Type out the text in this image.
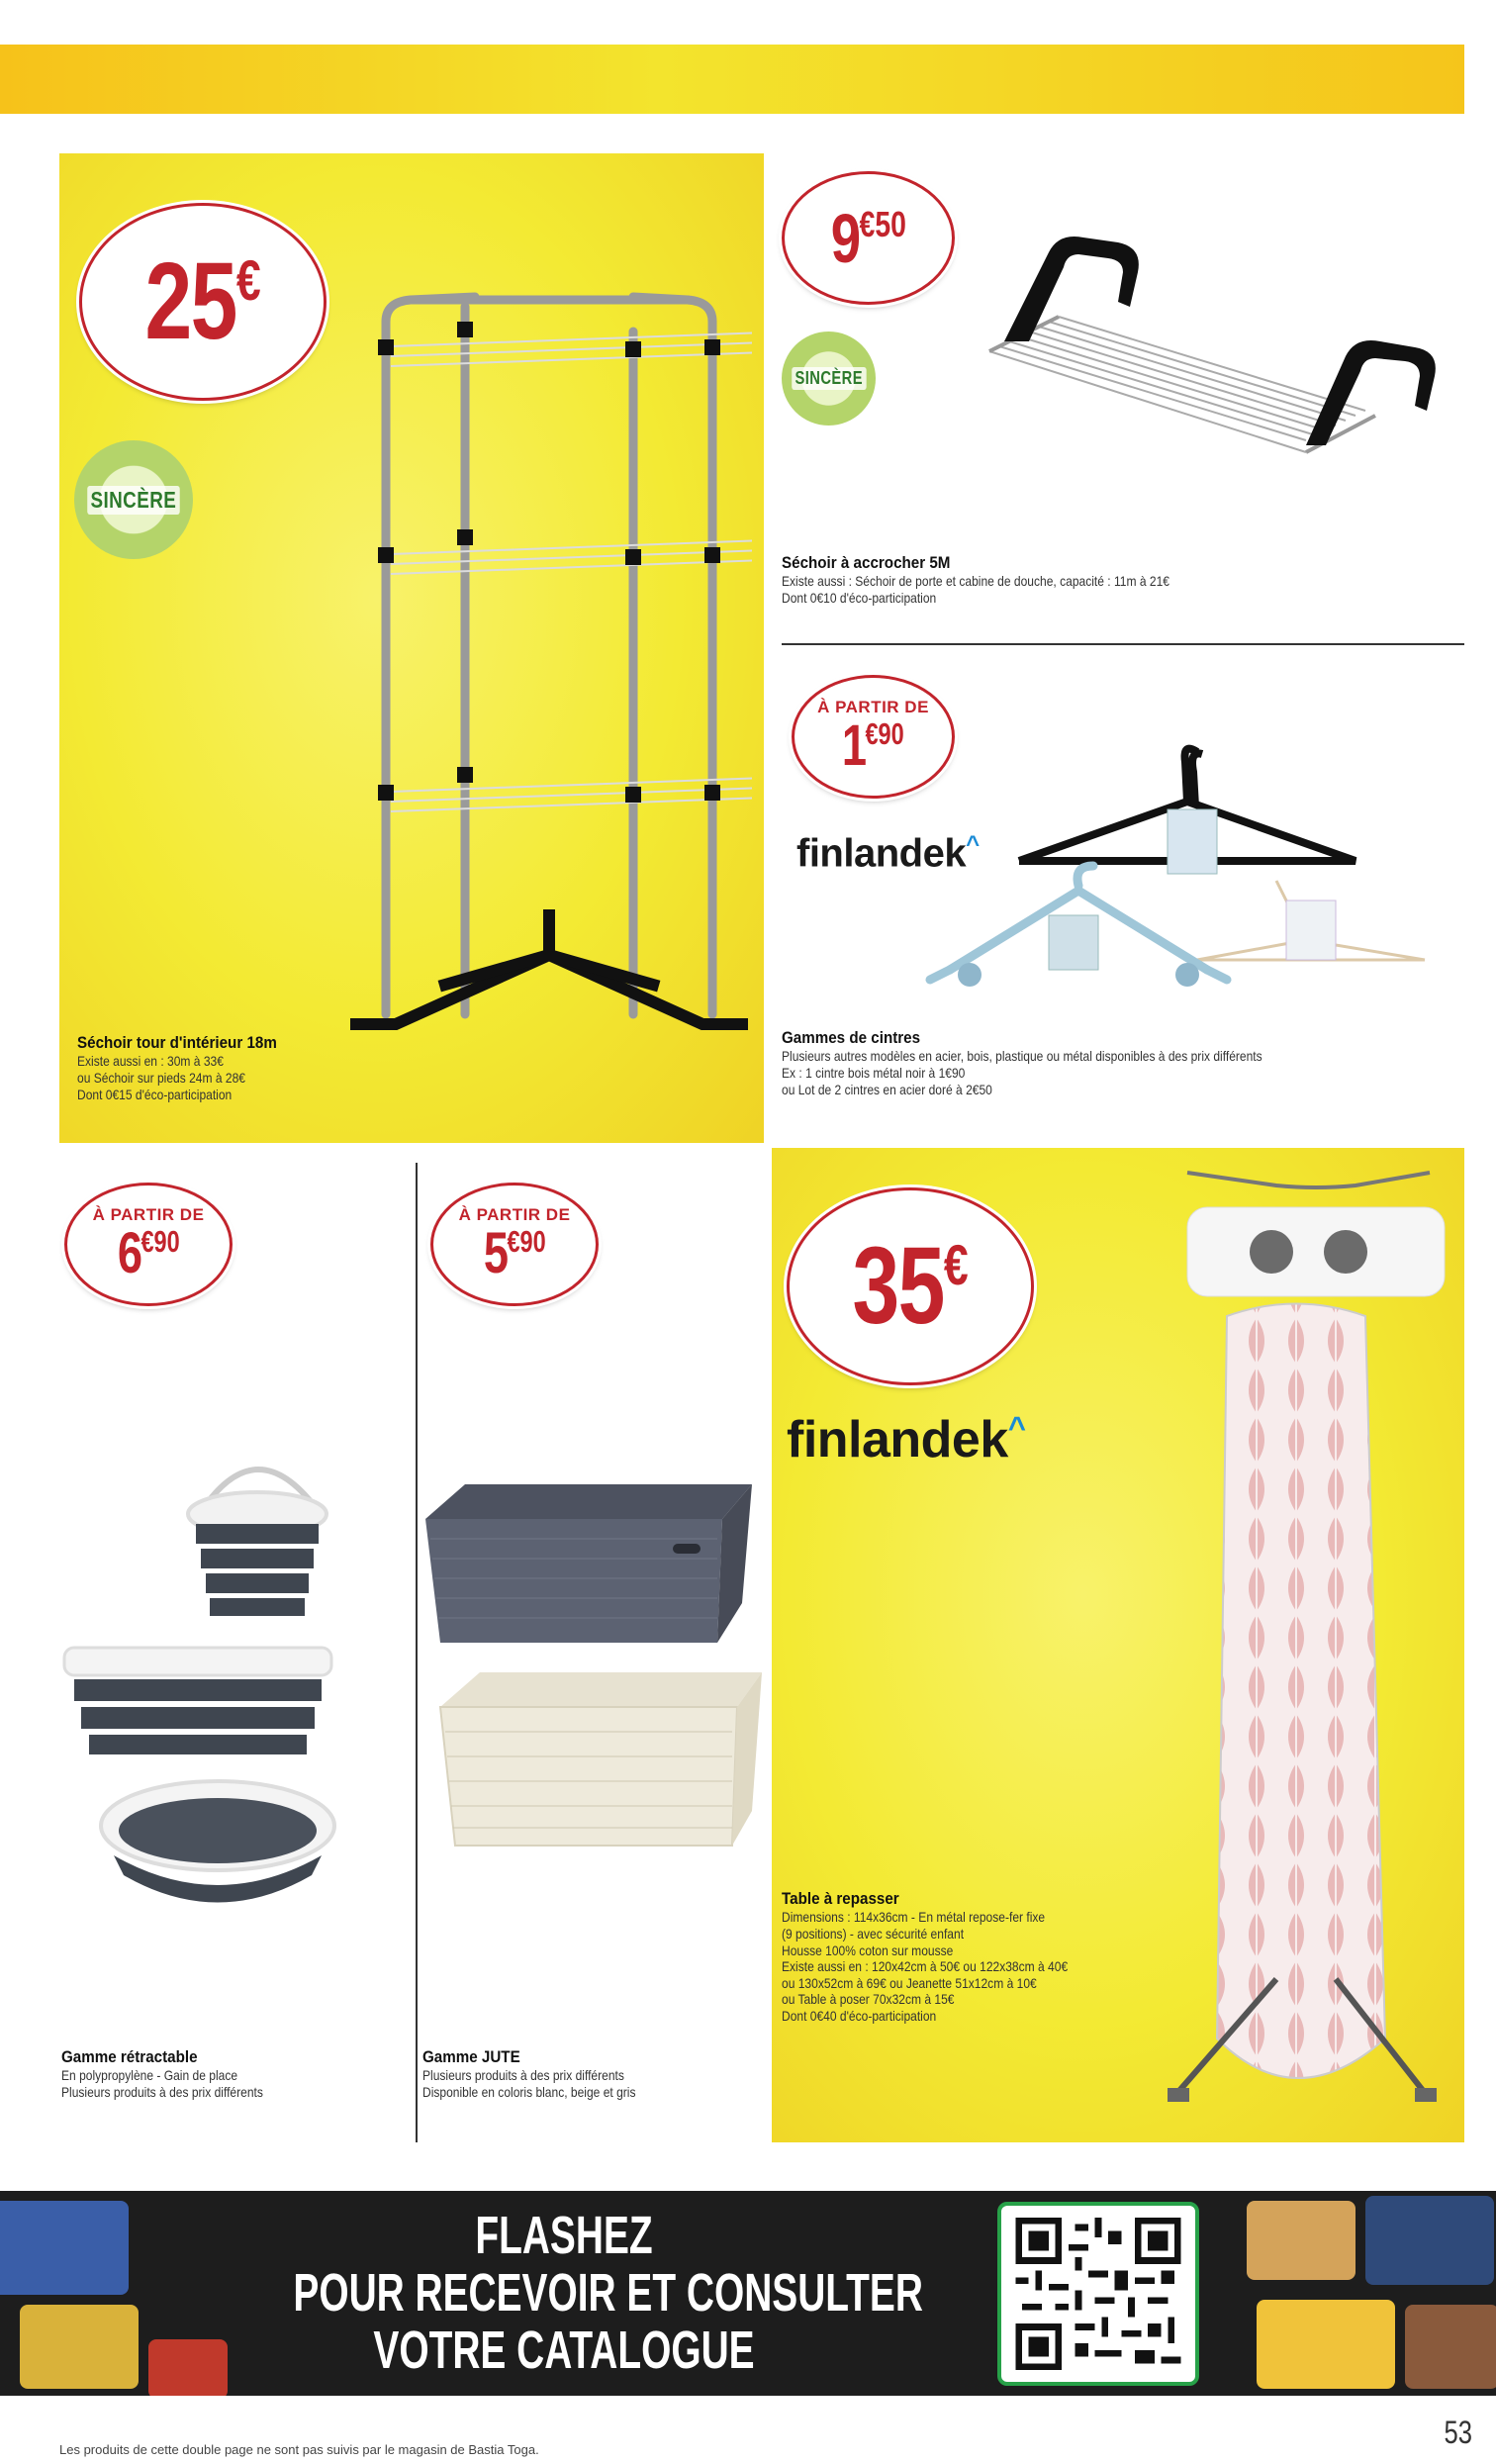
25€
SINCÈRE
Séchoir tour d'intérieur 18m
Existe aussi en : 30m à 33€
ou Séchoir sur pieds 24m à 28€
Dont 0€15 d'éco-participation
$9^{€50}$
SINCÈRE
Séchoir à accrocher 5M
Existe aussi : Séchoir de porte et cabine de douche, capacité : 11m à 21€
Dont 0€10 d'éco-participation
À PARTIR DE
$1^{€90}$
finlandek^
Gammes de cintres
Plusieurs autres modèles en acier, bois, plastique ou métal disponibles à des prix différents
Ex : 1 cintre bois métal noir à 1€90
ou Lot de 2 cintres en acier doré à 2€50
À PARTIR DE
$6^{€90}$
Gamme rétractable
En polypropylène - Gain de place
Plusieurs produits à des prix différents
À PARTIR DE
$5^{€90}$
Gamme JUTE
Plusieurs produits à des prix différents
Disponible en coloris blanc, beige et gris
35€
finlandek^
Table à repasser
Dimensions : 114x36cm - En métal repose-fer fixe
(9 positions) - avec sécurité enfant
Housse 100% coton sur mousse
Existe aussi en : 120x42cm à 50€ ou 122x38cm à 40€
ou 130x52cm à 69€ ou Jeanette 51x12cm à 10€
ou Table à poser 70x32cm à 15€
Dont 0€40 d'éco-participation
FLASHEZ
POUR RECEVOIR ET CONSULTER
VOTRE CATALOGUE
Les produits de cette double page ne sont pas suivis par le magasin de Bastia Toga.	53
